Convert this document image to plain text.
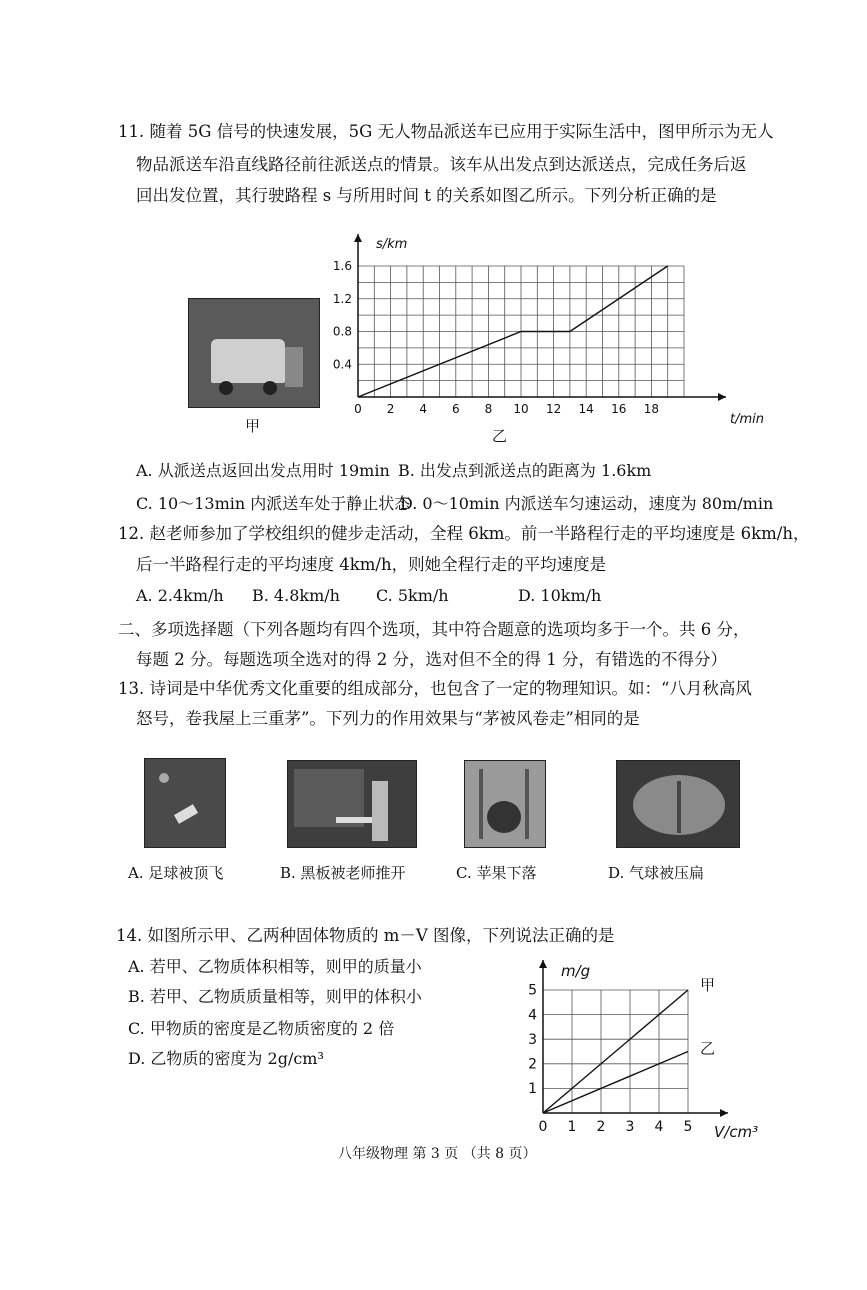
11. 随着 5G 信号的快速发展，5G 无人物品派送车已应用于实际生活中，图甲所示为无人
物品派送车沿直线路径前往派送点的情景。该车从出发点到达派送点，完成任务后返
回出发位置，其行驶路程 s 与所用时间 t 的关系如图乙所示。下列分析正确的是
甲
0 2 4 6 8 10 12 14 16 18
0.4
0.8
1.2
1.6
s/km
t/min
乙
A. 从派送点返回出发点用时 19min B. 出发点到派送点的距离为 1.6km
C. 10～13min 内派送车处于静止状态
D. 0～10min 内派送车匀速运动，速度为 80m/min
12. 赵老师参加了学校组织的健步走活动，全程 6km。前一半路程行走的平均速度是 6km/h，
后一半路程行走的平均速度 4km/h，则她全程行走的平均速度是
A. 2.4km/h B. 4.8km/h C. 5km/h	D. 10km/h
二、多项选择题（下列各题均有四个选项，其中符合题意的选项均多于一个。共 6 分，
每题 2 分。每题选项全选对的得 2 分，选对但不全的得 1 分，有错选的不得分）
13. 诗词是中华优秀文化重要的组成部分，也包含了一定的物理知识。如：“八月秋高风
怒号，卷我屋上三重茅”。下列力的作用效果与“茅被风卷走”相同的是
A. 足球被顶飞	B. 黑板被老师推开	C. 苹果下落	D. 气球被压扁
14. 如图所示甲、乙两种固体物质的 m－V 图像，下列说法正确的是
A. 若甲、乙物质体积相等，则甲的质量小
B. 若甲、乙物质质量相等，则甲的体积小
C. 甲物质的密度是乙物质密度的 2 倍
D. 乙物质的密度为 2g/cm³
0 1 2 3 4 5
1
2
3
4
5
m/g
V/cm³
甲
乙
八年级物理 第 3 页 （共 8 页）
